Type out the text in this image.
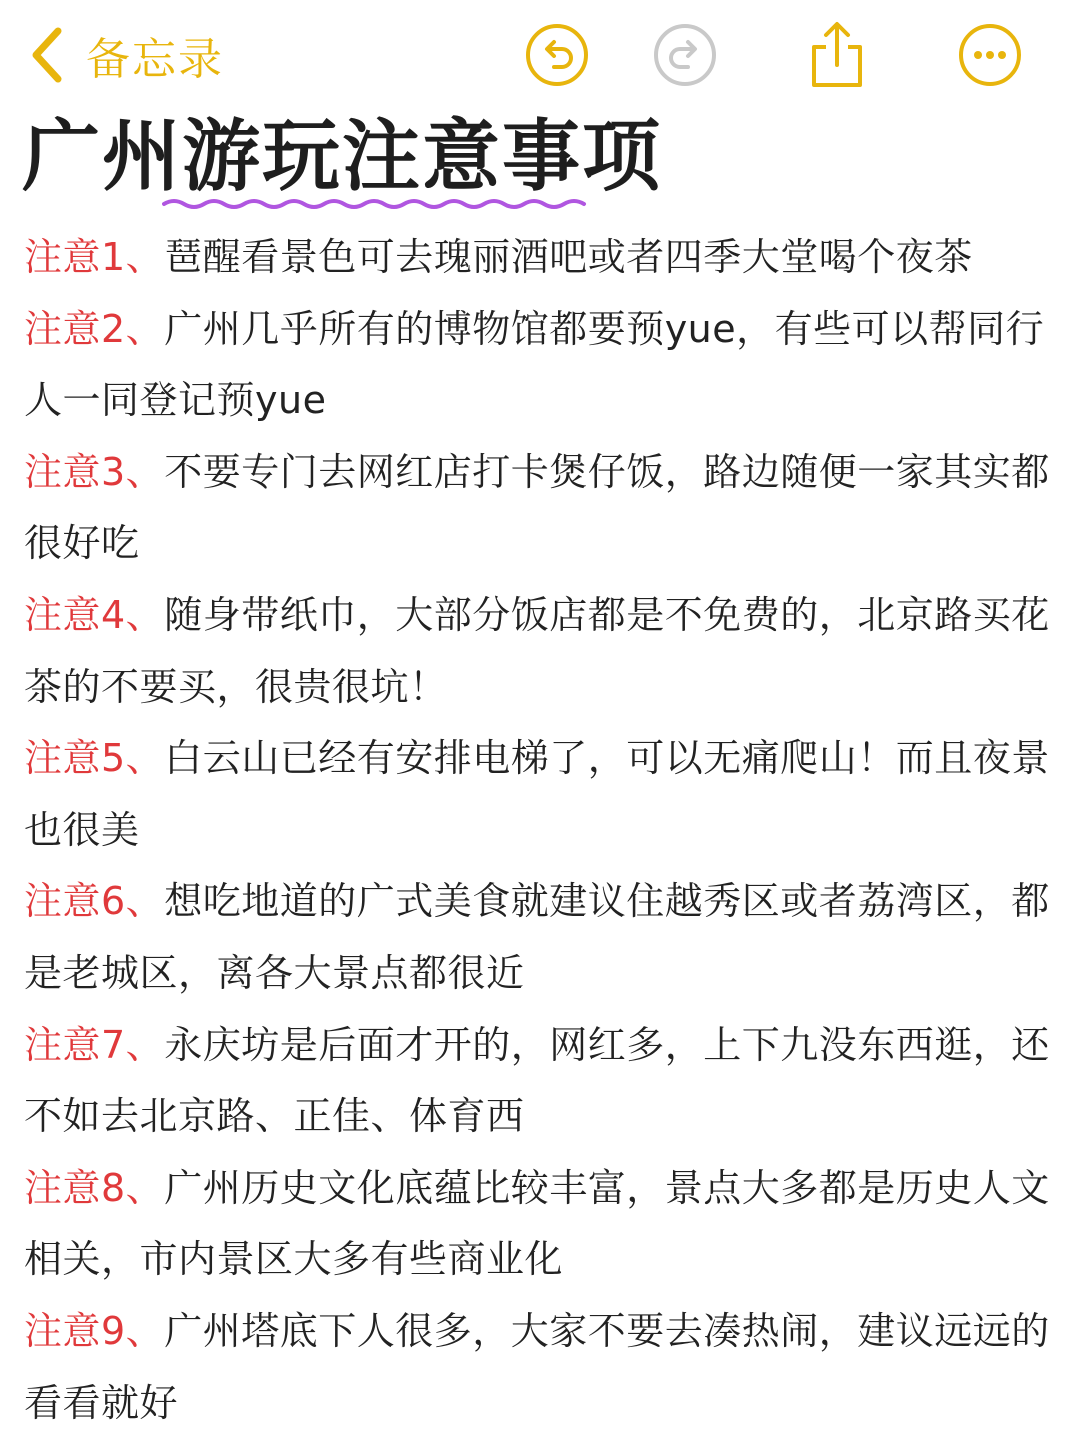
备忘录
广州游玩注意事项
注意1、琶醒看景色可去瑰丽酒吧或者四季大堂喝个夜茶
注意2、广州几乎所有的博物馆都要预yue，有些可以帮同行人一同登记预yue
注意3、不要专门去网红店打卡煲仔饭，路边随便一家其实都很好吃
注意4、随身带纸巾，大部分饭店都是不免费的，北京路买花茶的不要买，很贵很坑！
注意5、白云山已经有安排电梯了，可以无痛爬山！而且夜景也很美
注意6、想吃地道的广式美食就建议住越秀区或者荔湾区，都是老城区，离各大景点都很近
注意7、永庆坊是后面才开的，网红多，上下九没东西逛，还不如去北京路、正佳、体育西
注意8、广州历史文化底蕴比较丰富，景点大多都是历史人文相关，市内景区大多有些商业化
注意9、广州塔底下人很多，大家不要去凑热闹，建议远远的看看就好
